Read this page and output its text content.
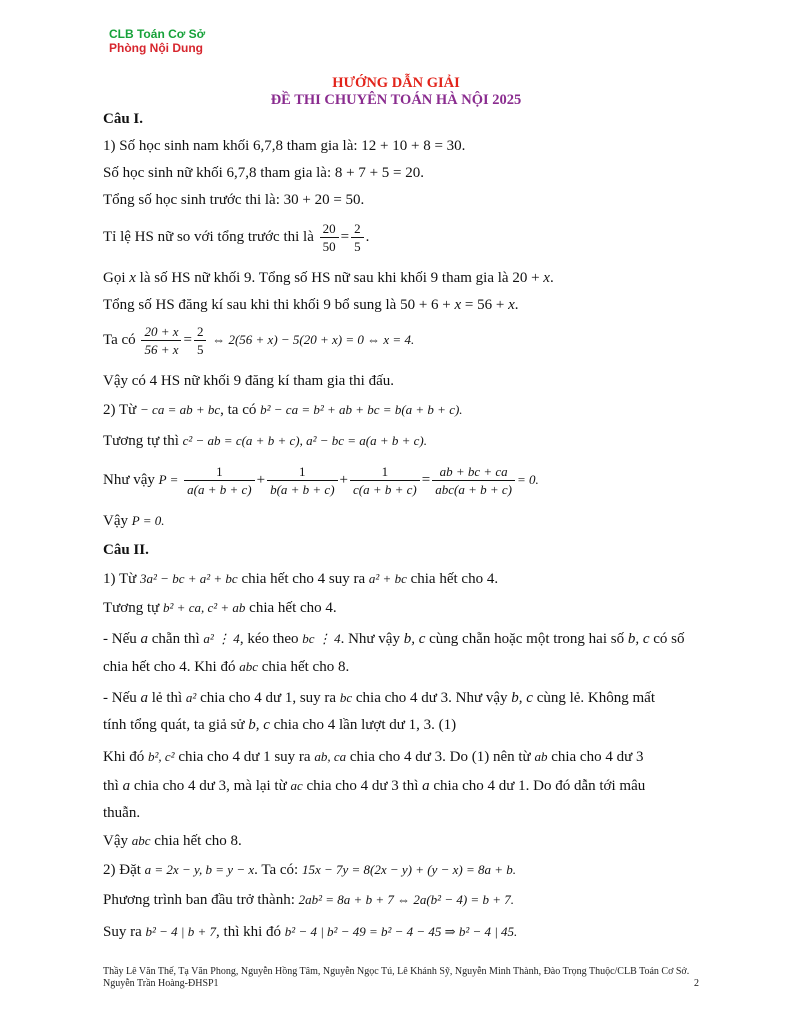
CLB Toán Cơ Sở
Phòng Nội Dung
HƯỚNG DẪN GIẢI
ĐỀ THI CHUYÊN TOÁN HÀ NỘI 2025
Câu I.
1) Số học sinh nam khối 6,7,8 tham gia là: 12 + 10 + 8 = 30.
Số học sinh nữ khối 6,7,8 tham gia là: 8 + 7 + 5 = 20.
Tổng số học sinh trước thi là: 30 + 20 = 50.
Tỉ lệ HS nữ so với tổng trước thi là $\frac{20}{50} = \frac{2}{5}$ .
Gọi x là số HS nữ khối 9. Tổng số HS nữ sau khi khối 9 tham gia là 20 + x.
Tổng số HS đăng kí sau khi thi khối 9 bổ sung là 50 + 6 + x = 56 + x.
Ta có $\frac{20 + x}{56 + x} = \frac{2}{5}$ ⇔ 2(56 + x) − 5(20 + x) = 0 ⇔ x = 4.
Vậy có 4 HS nữ khối 9 đăng kí tham gia thi đấu.
2) Từ − ca = ab + bc, ta có b² − ca = b² + ab + bc = b(a + b + c).
Tương tự thì c² − ab = c(a + b + c), a² − bc = a(a + b + c).
Như vậy $P = \frac{1}{a(a + b + c)} + \frac{1}{b(a + b + c)} + \frac{1}{c(a + b + c)} = \frac{ab + bc + ca}{\text{abc(a + b + c)}} = 0$.
Vậy P = 0.
Câu II.
1) Từ 3a² − bc + a² + bc chia hết cho 4 suy ra a² + bc chia hết cho 4.
Tương tự b² + ca, c² + ab chia hết cho 4.
- Nếu a chẵn thì a² ⋮ 4, kéo theo bc ⋮ 4. Như vậy b, c cùng chẵn hoặc một trong hai số b, c có số
chia hết cho 4. Khi đó abc chia hết cho 8.
- Nếu a lẻ thì a² chia cho 4 dư 1, suy ra bc chia cho 4 dư 3. Như vậy b, c cùng lẻ. Không mất
tính tổng quát, ta giả sử b, c chia cho 4 lần lượt dư 1, 3. (1)
Khi đó b², c² chia cho 4 dư 1 suy ra ab, ca chia cho 4 dư 3. Do (1) nên từ ab chia cho 4 dư 3
thì a chia cho 4 dư 3, mà lại từ ac chia cho 4 dư 3 thì a chia cho 4 dư 1. Do đó dẫn tới mâu
thuẫn.
Vậy abc chia hết cho 8.
2) Đặt a = 2x − y, b = y − x. Ta có: 15x − 7y = 8(2x − y) + (y − x) = 8a + b.
Phương trình ban đầu trở thành: 2ab² = 8a + b + 7 ⇔ 2a(b² − 4) = b + 7.
Suy ra b² − 4 | b + 7, thì khi đó b² − 4 | b² − 49 = b² − 4 − 45 ⇒ b² − 4 | 45.
Thầy Lê Văn Thế, Tạ Văn Phong, Nguyễn Hồng Tâm, Nguyễn Ngọc Tú, Lê Khánh Sỹ, Nguyễn Minh Thành, Đào Trọng Thuộc/CLB Toán Cơ Sở. Nguyễn Trần Hoàng-ĐHSP1	2
